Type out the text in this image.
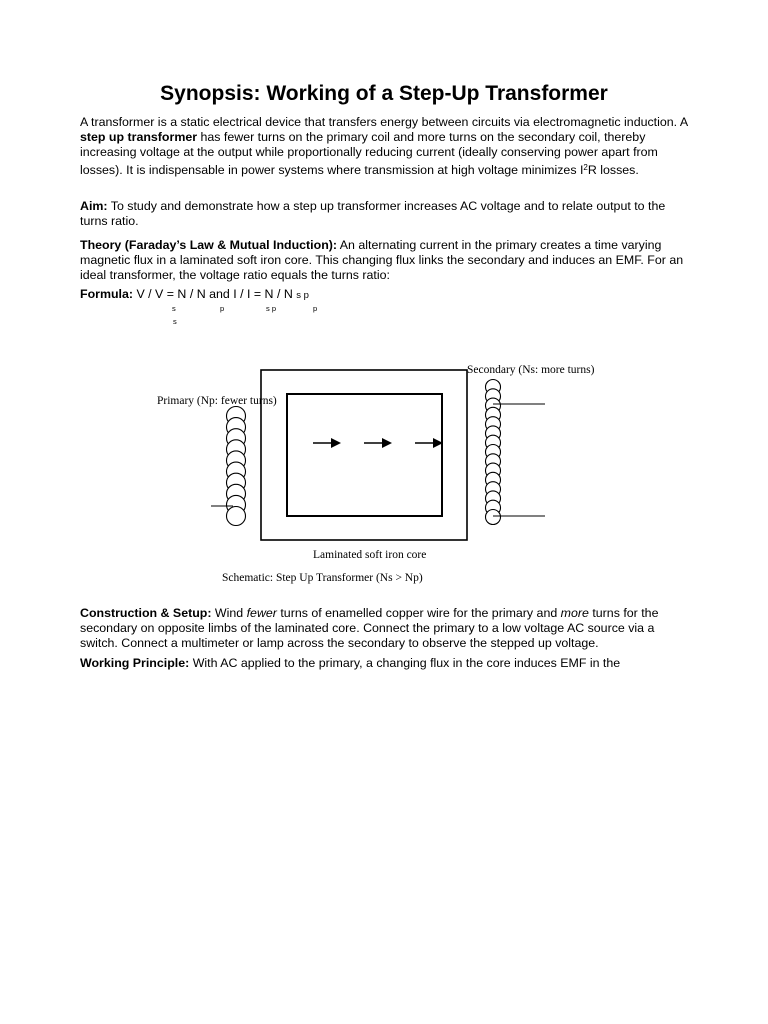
Synopsis: Working of a Step-Up Transformer

A transformer is a static electrical device that transfers energy between circuits via electromagnetic induction. A step up transformer has fewer turns on the primary coil and more turns on the secondary coil, thereby increasing voltage at the output while proportionally reducing current (ideally conserving power apart from losses). It is indispensable in power systems where transmission at high voltage minimizes $I^2R$ losses.

Aim: To study and demonstrate how a step up transformer increases AC voltage and to relate output to the turns ratio.

Theory (Faraday’s Law & Mutual Induction): An alternating current in the primary creates a time varying magnetic flux in a laminated soft iron core. This changing flux links the secondary and induces an EMF. For an ideal transformer, the voltage ratio equals the turns ratio:

Formula: V / V = N / N and I / I = N / N s p

s	p	s p	p
s
Secondary (Ns: more turns)
Primary (Np: fewer turns)
Laminated soft iron core
Schematic: Step Up Transformer (Ns > Np)

Construction & Setup: Wind fewer turns of enamelled copper wire for the primary and more turns for the secondary on opposite limbs of the laminated core. Connect the primary to a low voltage AC source via a switch. Connect a multimeter or lamp across the secondary to observe the stepped up voltage.

Working Principle: With AC applied to the primary, a changing flux in the core induces EMF in the
